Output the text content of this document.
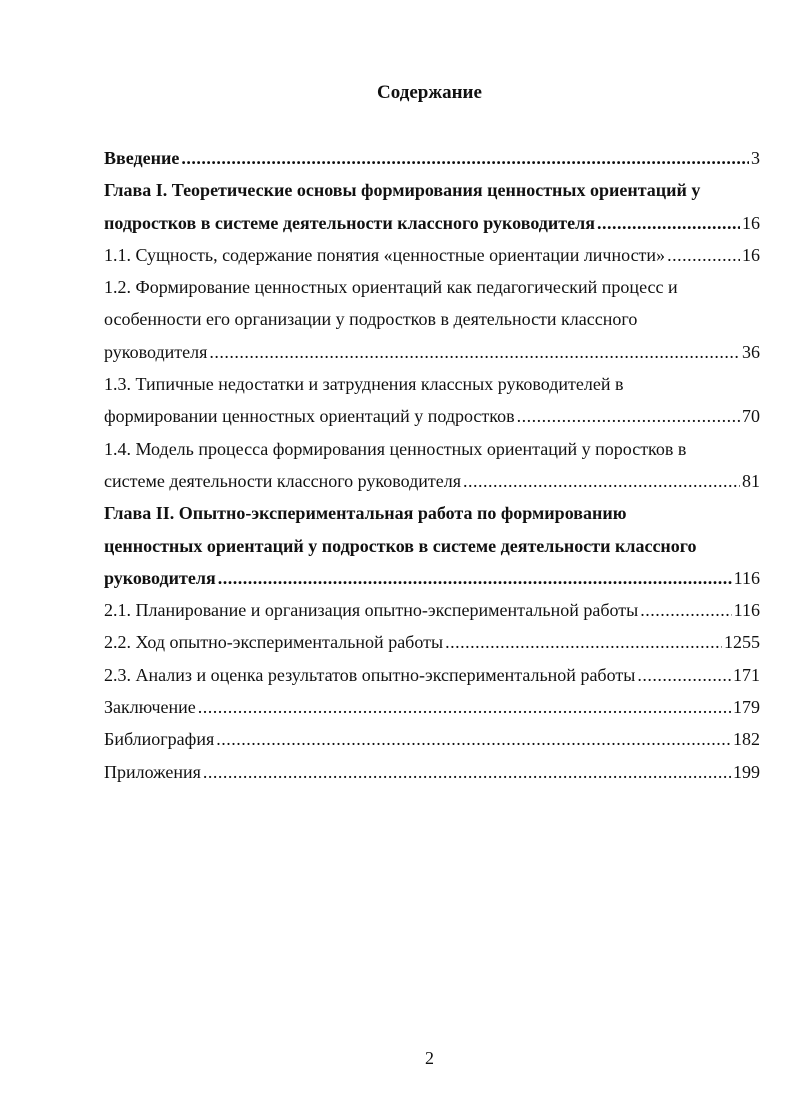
Содержание
Введение .....	3
Глава I. Теоретические основы формирования ценностных ориентаций у
подростков в системе деятельности классного руководителя .....	16
1.1. Сущность, содержание понятия «ценностные ориентации личности» .....	16
1.2. Формирование ценностных ориентаций как педагогический процесс и
особенности его организации у подростков в деятельности классного
руководителя .....	36
1.3. Типичные недостатки и затруднения классных руководителей в
формировании ценностных ориентаций у подростков .....	70
1.4. Модель процесса формирования ценностных ориентаций у пoростков в
системе деятельности классного руководителя .....	81
Глава II. Опытно-экспериментальная работа по формированию
ценностных ориентаций у подростков в системе деятельности классного
руководителя .....	116
2.1. Планирование и организация опытно-экспериментальной работы .....	116
2.2. Ход опытно-экспериментальной работы .....	1255
2.3. Анализ и оценка результатов опытно-экспериментальной работы .....	171
Заключение .....	179
Библиография .....	182
Приложения .....	199
2
